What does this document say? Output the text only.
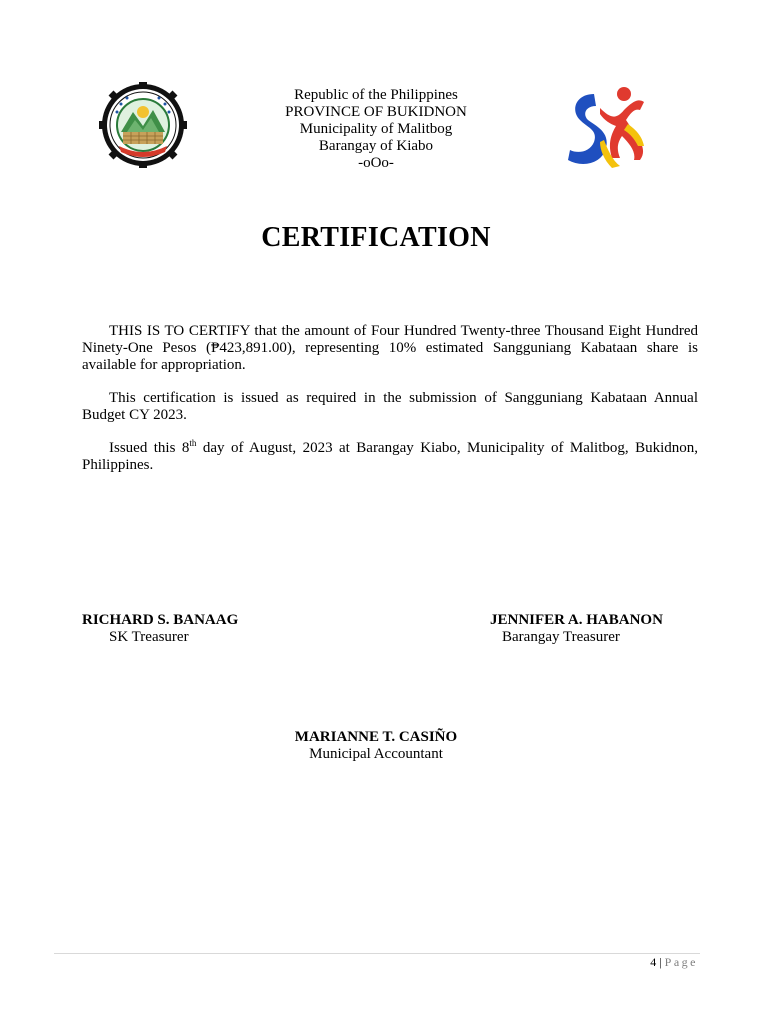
Republic of the Philippines
PROVINCE OF BUKIDNON
Municipality of Malitbog
Barangay of Kiabo
-oOo-
CERTIFICATION

THIS IS TO CERTIFY that the amount of Four Hundred Twenty-three Thousand Eight Hundred Ninety-One Pesos (₱423,891.00), representing 10% estimated Sangguniang Kabataan share is available for appropriation.

This certification is issued as required in the submission of Sangguniang Kabataan Annual Budget CY 2023.

Issued this 8th day of August, 2023 at Barangay Kiabo, Municipality of Malitbog, Bukidnon, Philippines.

RICHARD S. BANAAG
SK Treasurer
JENNIFER A. HABANON
Barangay Treasurer
MARIANNE T. CASIÑO
Municipal Accountant
4 | Page
